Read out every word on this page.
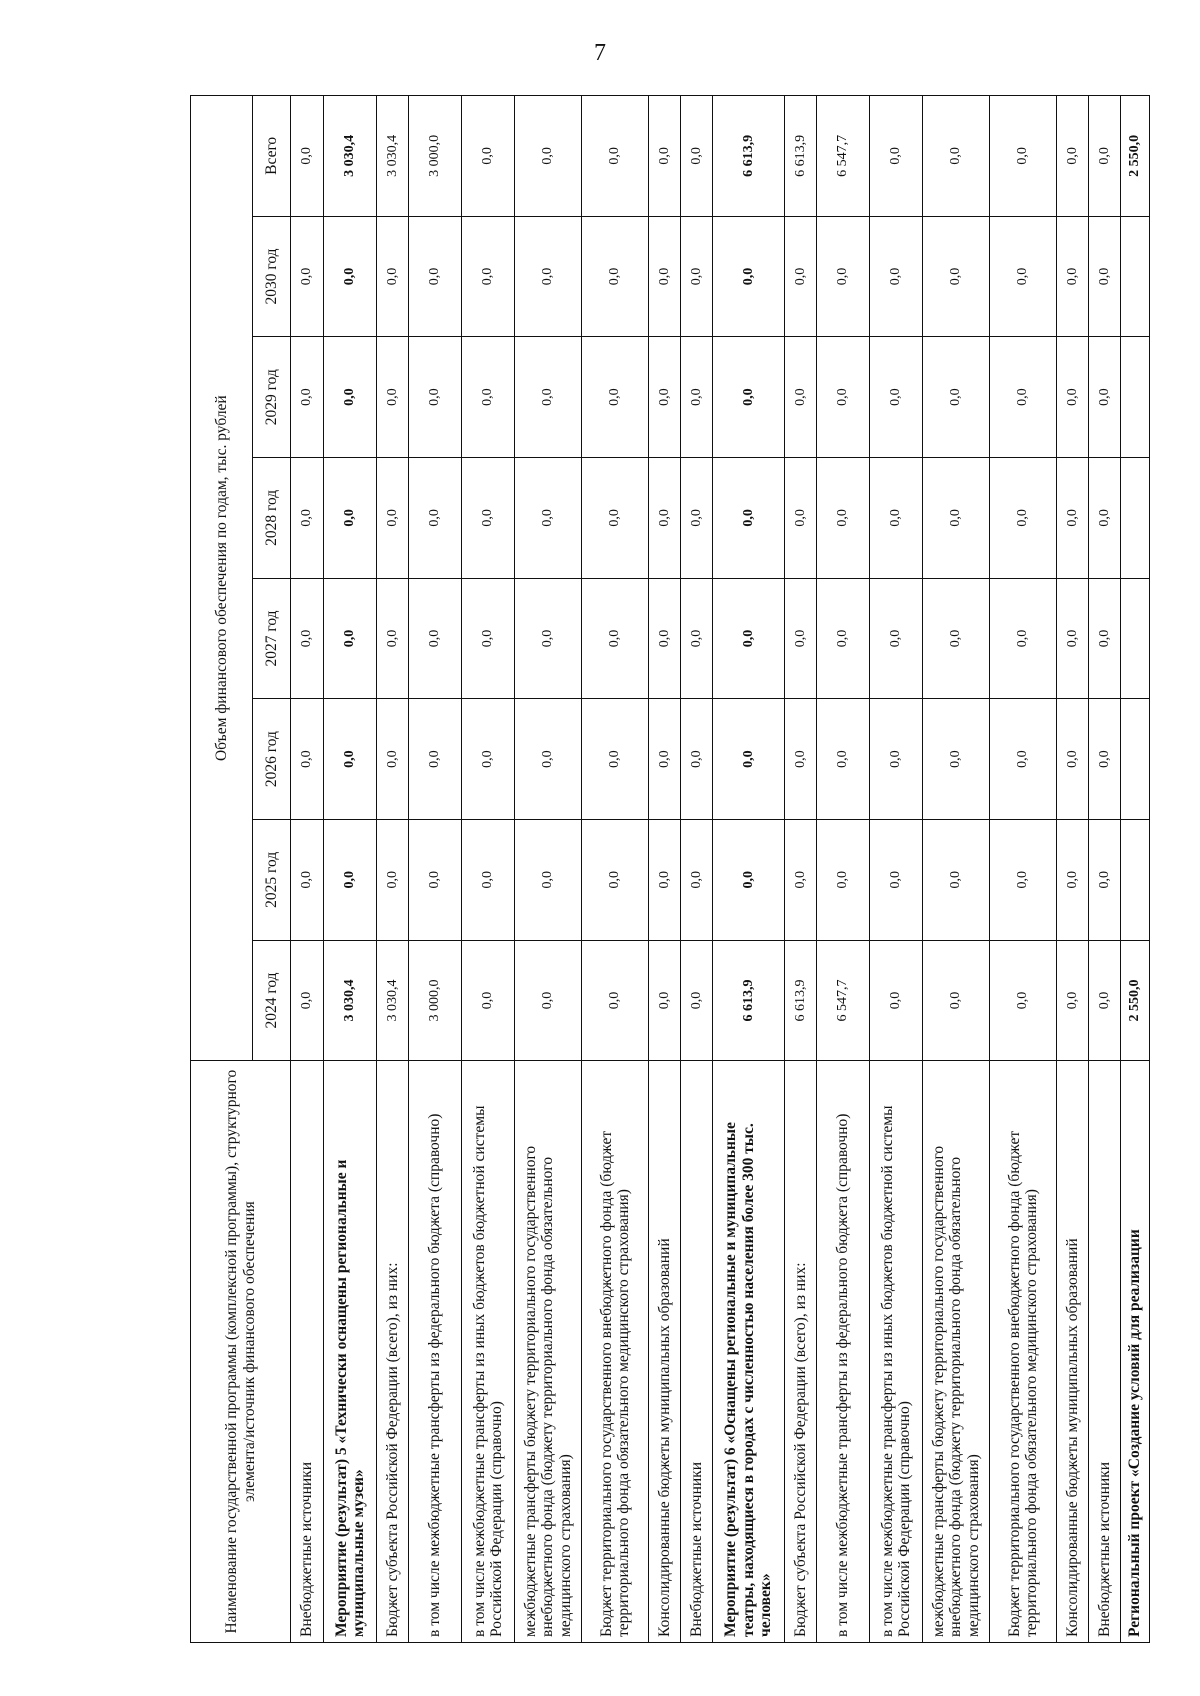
7
Наименование государственной программы (комплексной программы), структурного элемента/источник финансового обеспечения	Объем финансового обеспечения по годам, тыс. рублей							
	2024 год	2025 год	2026 год	2027 год	2028 год	2029 год	2030 год	Всего
Внебюджетные источники	0,0	0,0	0,0	0,0	0,0	0,0	0,0	0,0
Мероприятие (результат) 5 «Технически оснащены региональные и муниципальные музеи»	3 030,4	0,0	0,0	0,0	0,0	0,0	0,0	3 030,4
Бюджет субъекта Российской Федерации (всего), из них:	3 030,4	0,0	0,0	0,0	0,0	0,0	0,0	3 030,4
в том числе межбюджетные трансферты из федерального бюджета (справочно)	3 000,0	0,0	0,0	0,0	0,0	0,0	0,0	3 000,0
в том числе межбюджетные трансферты из иных бюджетов бюджетной системы Российской Федерации (справочно)	0,0	0,0	0,0	0,0	0,0	0,0	0,0	0,0
межбюджетные трансферты бюджету территориального государственного внебюджетного фонда (бюджету территориального фонда обязательного медицинского страхования)	0,0	0,0	0,0	0,0	0,0	0,0	0,0	0,0
Бюджет территориального государственного внебюджетного фонда (бюджет территориального фонда обязательного медицинского страхования)	0,0	0,0	0,0	0,0	0,0	0,0	0,0	0,0
Консолидированные бюджеты муниципальных образований	0,0	0,0	0,0	0,0	0,0	0,0	0,0	0,0
Внебюджетные источники	0,0	0,0	0,0	0,0	0,0	0,0	0,0	0,0
Мероприятие (результат) 6 «Оснащены региональные и муниципальные театры, находящиеся в городах с численностью населения более 300 тыс. человек»	6 613,9	0,0	0,0	0,0	0,0	0,0	0,0	6 613,9
Бюджет субъекта Российской Федерации (всего), из них:	6 613,9	0,0	0,0	0,0	0,0	0,0	0,0	6 613,9
в том числе межбюджетные трансферты из федерального бюджета (справочно)	6 547,7	0,0	0,0	0,0	0,0	0,0	0,0	6 547,7
в том числе межбюджетные трансферты из иных бюджетов бюджетной системы Российской Федерации (справочно)	0,0	0,0	0,0	0,0	0,0	0,0	0,0	0,0
межбюджетные трансферты бюджету территориального государственного внебюджетного фонда (бюджету территориального фонда обязательного медицинского страхования)	0,0	0,0	0,0	0,0	0,0	0,0	0,0	0,0
Бюджет территориального государственного внебюджетного фонда (бюджет территориального фонда обязательного медицинского страхования)	0,0	0,0	0,0	0,0	0,0	0,0	0,0	0,0
Консолидированные бюджеты муниципальных образований	0,0	0,0	0,0	0,0	0,0	0,0	0,0	0,0
Внебюджетные источники	0,0	0,0	0,0	0,0	0,0	0,0	0,0	0,0
Региональный проект «Создание условий для реализации	2 550,0							2 550,0
